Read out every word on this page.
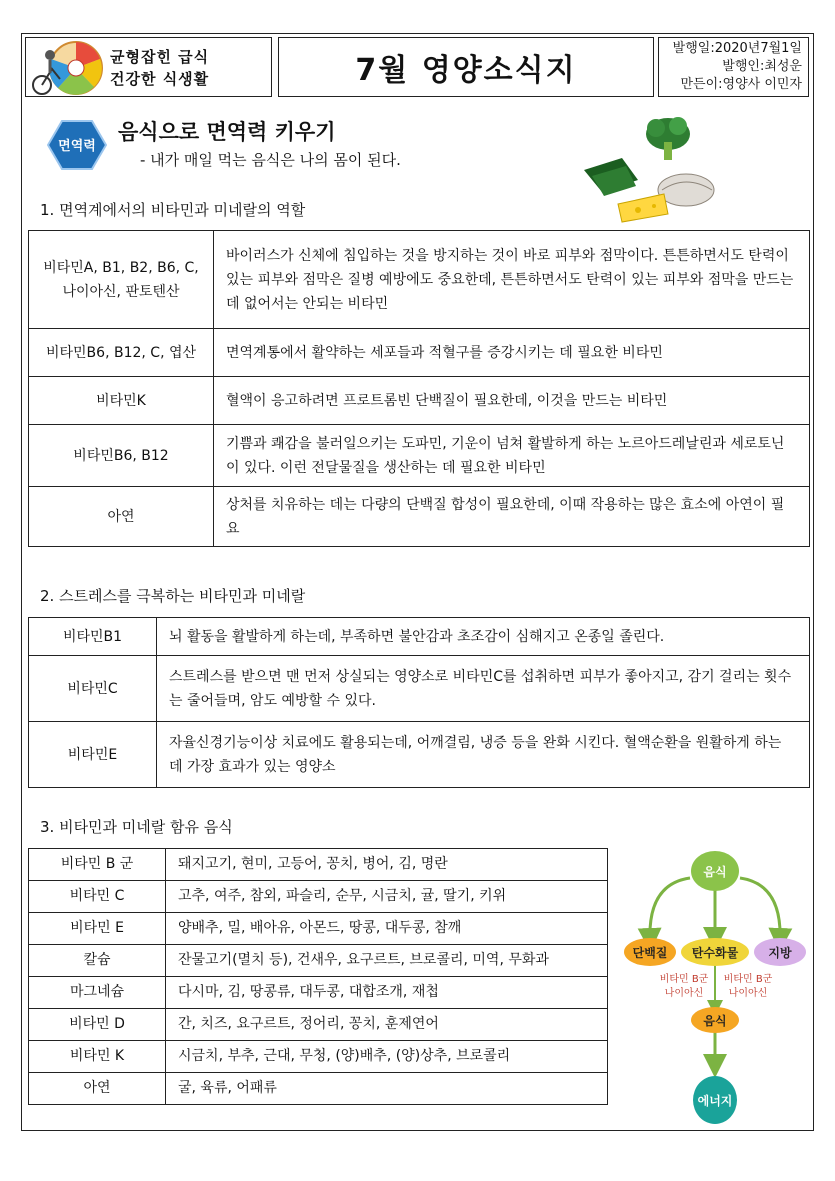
균형잡힌 급식
건강한 식생활	7월 영양소식지
발행일:2020년7월1일
발행인:최성운
만든이:영양사 이민자
면역력
음식으로 면역력 키우기
- 내가 매일 먹는 음식은 나의 몸이 된다.
1. 면역계에서의 비타민과 미네랄의 역할
비타민A, B1, B2, B6, C, 나이아신, 판토텐산	바이러스가 신체에 침입하는 것을 방지하는 것이 바로 피부와 점막이다. 튼튼하면서도 탄력이 있는 피부와 점막은 질병 예방에도 중요한데, 튼튼하면서도 탄력이 있는 피부와 점막을 만드는 데 없어서는 안되는 비타민
비타민B6, B12, C, 엽산	면역계통에서 활약하는 세포들과 적혈구를 증강시키는 데 필요한 비타민
비타민K	혈액이 응고하려면 프로트롬빈 단백질이 필요한데, 이것을 만드는 비타민
비타민B6, B12	기쁨과 쾌감을 불러일으키는 도파민, 기운이 넘쳐 활발하게 하는 노르아드레날린과 세로토닌이 있다. 이런 전달물질을 생산하는 데 필요한 비타민
아연	상처를 치유하는 데는 다량의 단백질 합성이 필요한데, 이때 작용하는 많은 효소에 아연이 필요
2. 스트레스를 극복하는 비타민과 미네랄
비타민B1	뇌 활동을 활발하게 하는데, 부족하면 불안감과 초조감이 심해지고 온종일 졸린다.
비타민C	스트레스를 받으면 맨 먼저 상실되는 영양소로 비타민C를 섭취하면 피부가 좋아지고, 감기 걸리는 횟수는 줄어들며, 암도 예방할 수 있다.
비타민E	자율신경기능이상 치료에도 활용되는데, 어깨결림, 냉증 등을 완화 시킨다. 혈액순환을 원활하게 하는 데 가장 효과가 있는 영양소
3. 비타민과 미네랄 함유 음식
비타민 B 군	돼지고기, 현미, 고등어, 꽁치, 병어, 김, 명란
비타민 C	고추, 여주, 참외, 파슬리, 순무, 시금치, 귤, 딸기, 키위
비타민 E	양배추, 밀, 배아유, 아몬드, 땅콩, 대두콩, 참깨
칼슘	잔물고기(멸치 등), 건새우, 요구르트, 브로콜리, 미역, 무화과
마그네슘	다시마, 김, 땅콩류, 대두콩, 대합조개, 재첩
비타민 D	간, 치즈, 요구르트, 정어리, 꽁치, 훈제연어
비타민 K	시금치, 부추, 근대, 무청, (양)배추, (양)상추, 브로콜리
아연	굴, 육류, 어패류
음식
단백질 탄수화물	지방
비타민 B군
나이아신
비타민 B군
나이아신
음식
에너지
